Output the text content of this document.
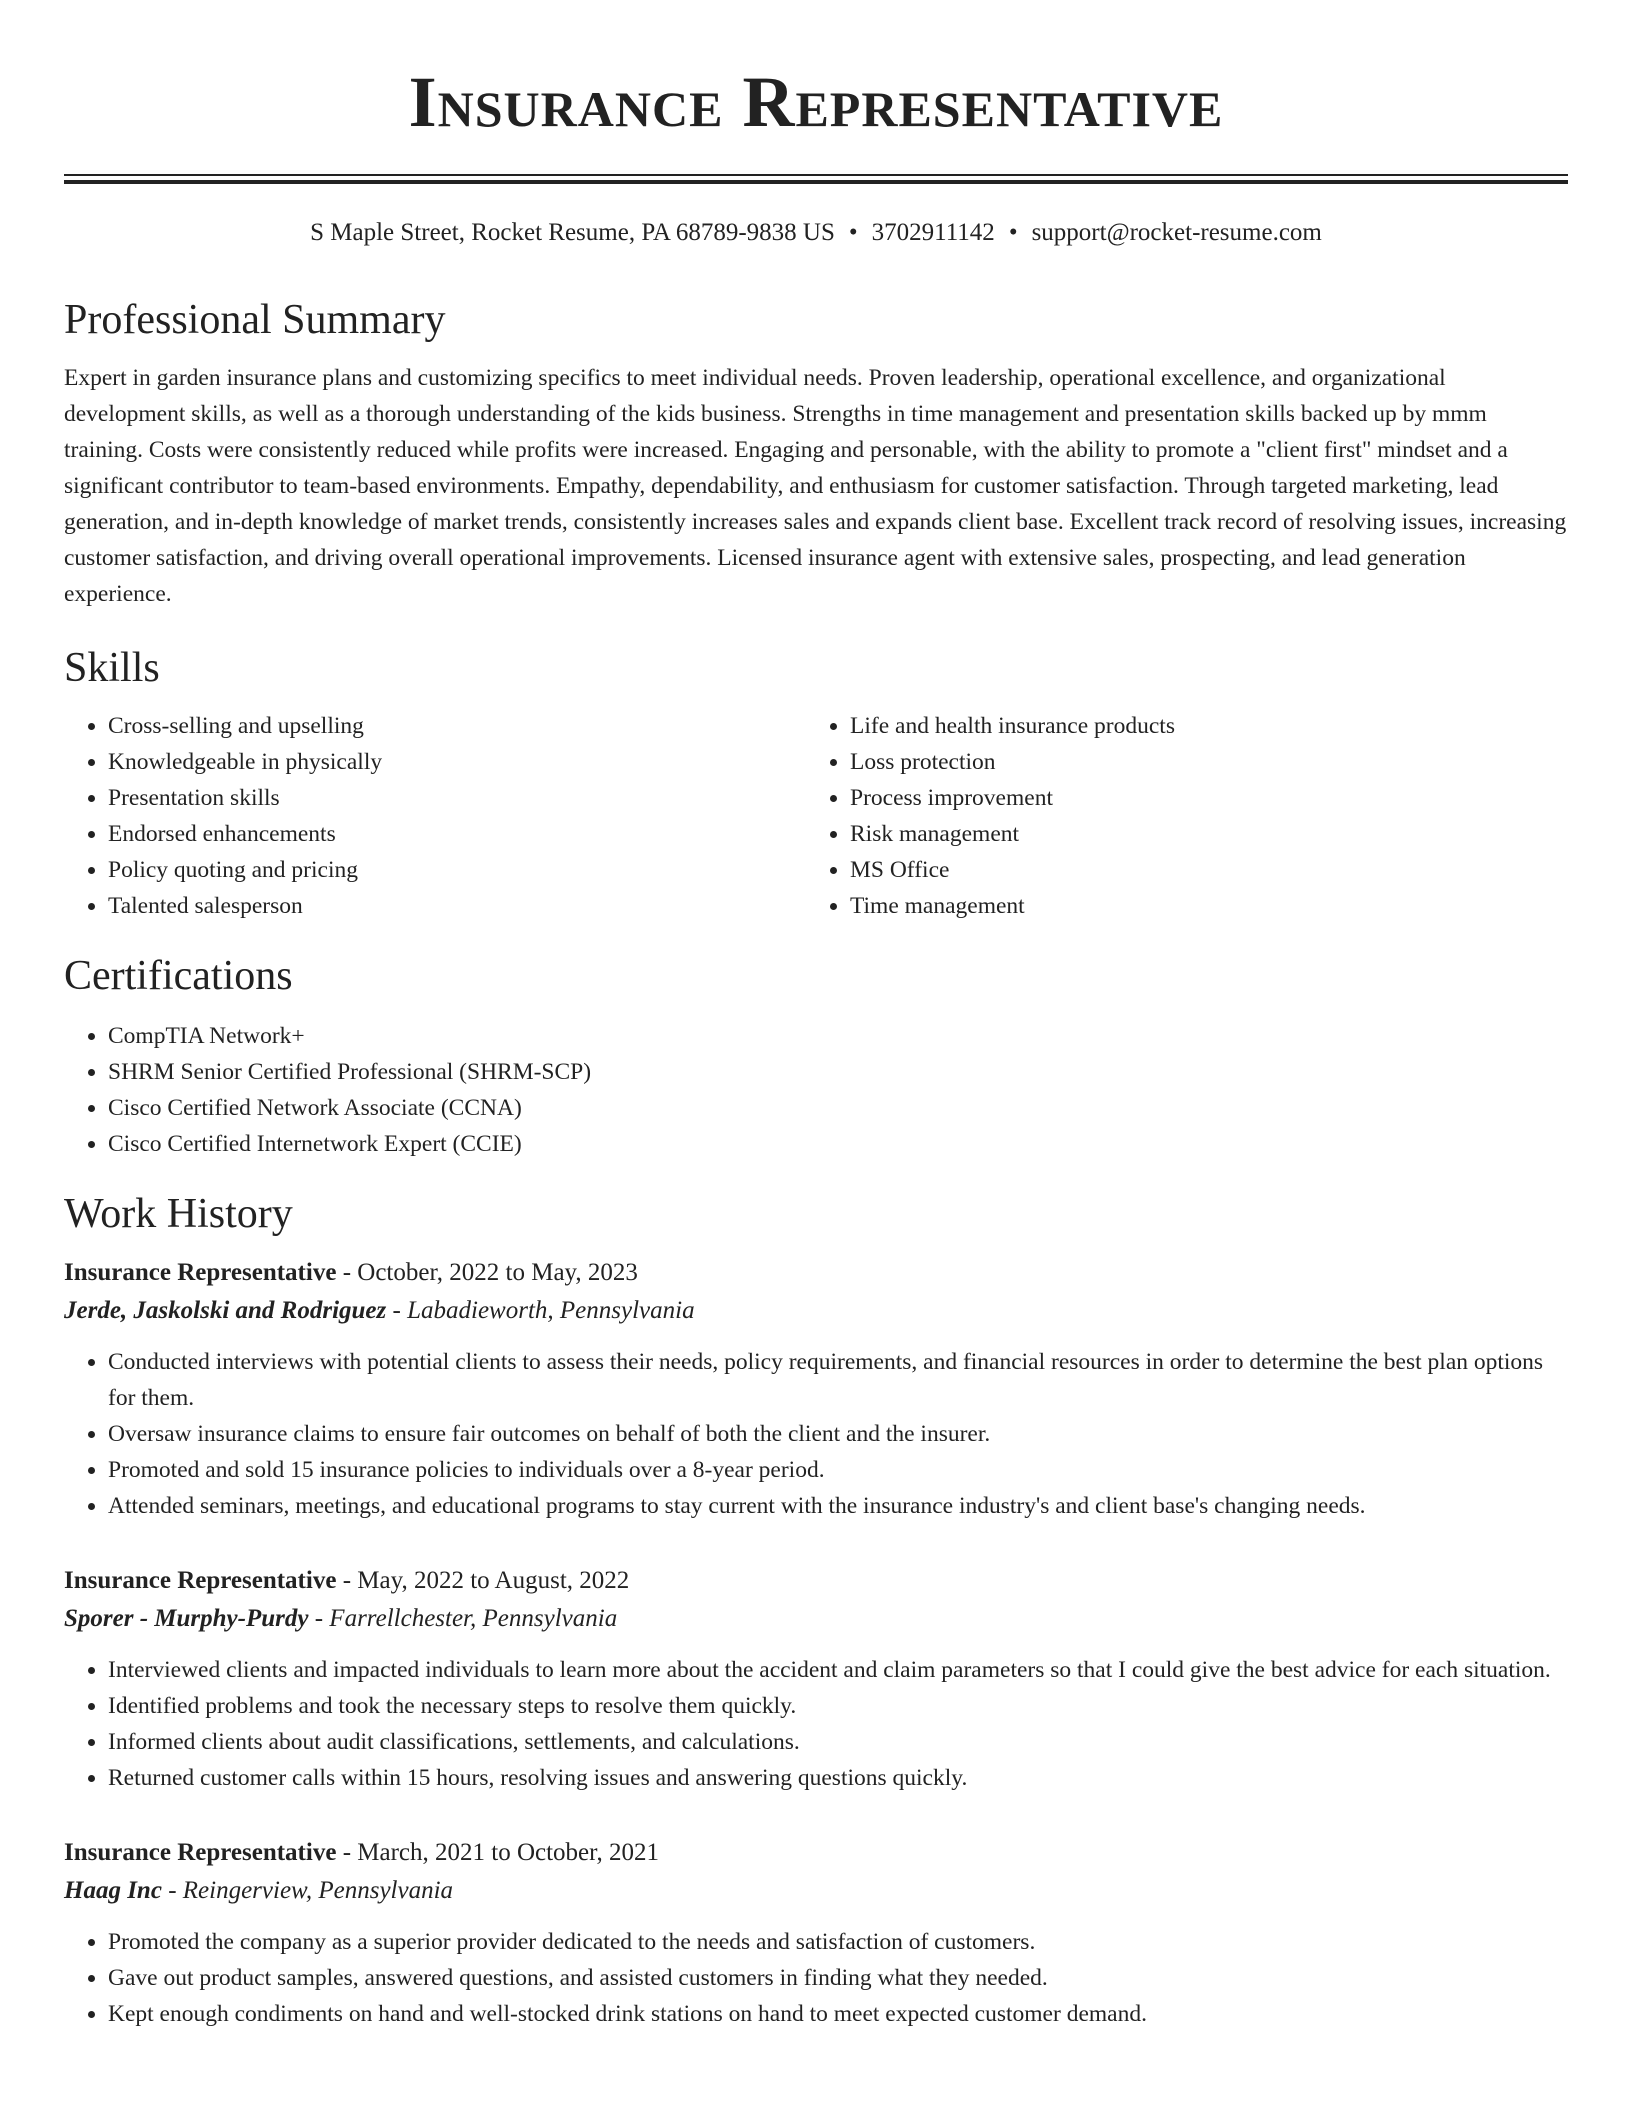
Insurance Representative
S Maple Street, Rocket Resume, PA 68789-9838 US • 3702911142 • support@rocket-resume.com
Professional Summary

Expert in garden insurance plans and customizing specifics to meet individual needs. Proven leadership, operational excellence, and organizational development skills, as well as a thorough understanding of the kids business. Strengths in time management and presentation skills backed up by mmm training. Costs were consistently reduced while profits were increased. Engaging and personable, with the ability to promote a "client first" mindset and a significant contributor to team-based environments. Empathy, dependability, and enthusiasm for customer satisfaction. Through targeted marketing, lead generation, and in-depth knowledge of market trends, consistently increases sales and expands client base. Excellent track record of resolving issues, increasing customer satisfaction, and driving overall operational improvements. Licensed insurance agent with extensive sales, prospecting, and lead generation experience.

Skills
• Cross-selling and upselling
• Knowledgeable in physically
• Presentation skills
• Endorsed enhancements
• Policy quoting and pricing
• Talented salesperson
• Life and health insurance products
• Loss protection
• Process improvement
• Risk management
• MS Office
• Time management
Certifications
• CompTIA Network+
• SHRM Senior Certified Professional (SHRM-SCP)
• Cisco Certified Network Associate (CCNA)
• Cisco Certified Internetwork Expert (CCIE)
Work History
Insurance Representative - October, 2022 to May, 2023
Jerde, Jaskolski and Rodriguez - Labadieworth, Pennsylvania
• Conducted interviews with potential clients to assess their needs, policy requirements, and financial resources in order to determine the best plan options for them.
• Oversaw insurance claims to ensure fair outcomes on behalf of both the client and the insurer.
• Promoted and sold 15 insurance policies to individuals over a 8-year period.
• Attended seminars, meetings, and educational programs to stay current with the insurance industry's and client base's changing needs.
Insurance Representative - May, 2022 to August, 2022
Sporer - Murphy-Purdy - Farrellchester, Pennsylvania
• Interviewed clients and impacted individuals to learn more about the accident and claim parameters so that I could give the best advice for each situation.
• Identified problems and took the necessary steps to resolve them quickly.
• Informed clients about audit classifications, settlements, and calculations.
• Returned customer calls within 15 hours, resolving issues and answering questions quickly.
Insurance Representative - March, 2021 to October, 2021
Haag Inc - Reingerview, Pennsylvania
• Promoted the company as a superior provider dedicated to the needs and satisfaction of customers.
• Gave out product samples, answered questions, and assisted customers in finding what they needed.
• Kept enough condiments on hand and well-stocked drink stations on hand to meet expected customer demand.
